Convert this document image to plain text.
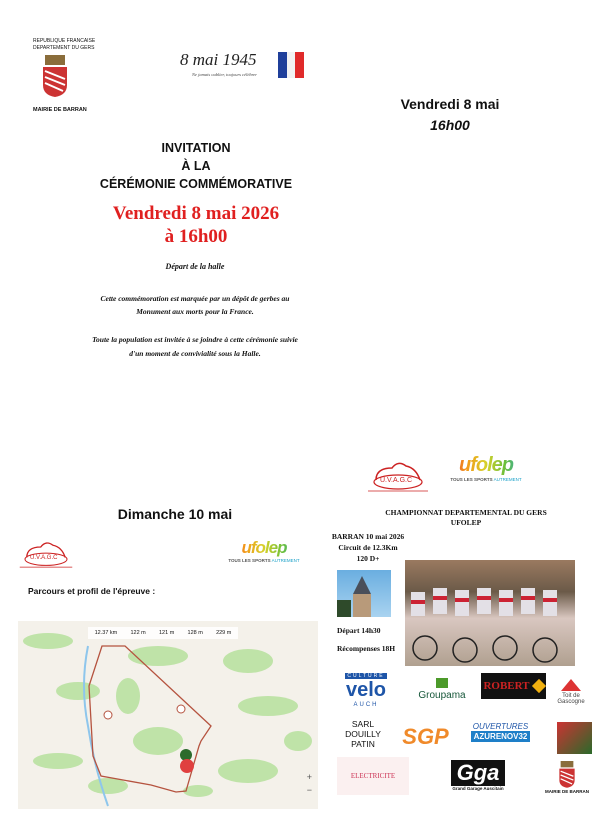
REPUBLIQUE FRANCAISE
DEPARTEMENT DU GERS
MAIRIE DE BARRAN
8 mai 1945
Ne jamais oublier, toujours célébrer
Vendredi 8 mai
16h00
INVITATION
À LA
CÉRÉMONIE COMMÉMORATIVE
Vendredi 8 mai 2026
à 16h00
Départ de la halle
Cette commémoration est marquée par un dépôt de gerbes au
Monument aux morts pour la France.
Toute la population est invitée à se joindre à cette cérémonie suivie
d'un moment de convivialité sous la Halle.
U.V.A.G.C
ufolep
TOUS LES SPORTS AUTREMENT
Dimanche 10 mai	CHAMPIONNAT DEPARTEMENTAL DU GERS
UFOLEP
U.V.A.G.C
ufolep
TOUS LES SPORTS AUTREMENT
Parcours et profil de l'épreuve :
12.37 km 122 m 121 m 128 m 229 m
+
−
BARRAN 10 mai 2026
Circuit de 12.3Km
120 D+
Départ 14h30
Récompenses 18H
CULTURE
velo
AUCH
Groupama
ROBERT
Toit de Gascogne
SARL DOUILLY PATIN	SGP	OUVERTURES
AZURENOV32
ELECTRICITE	Gga
Grand Garage Auscitain
MAIRIE DE BARRAN
